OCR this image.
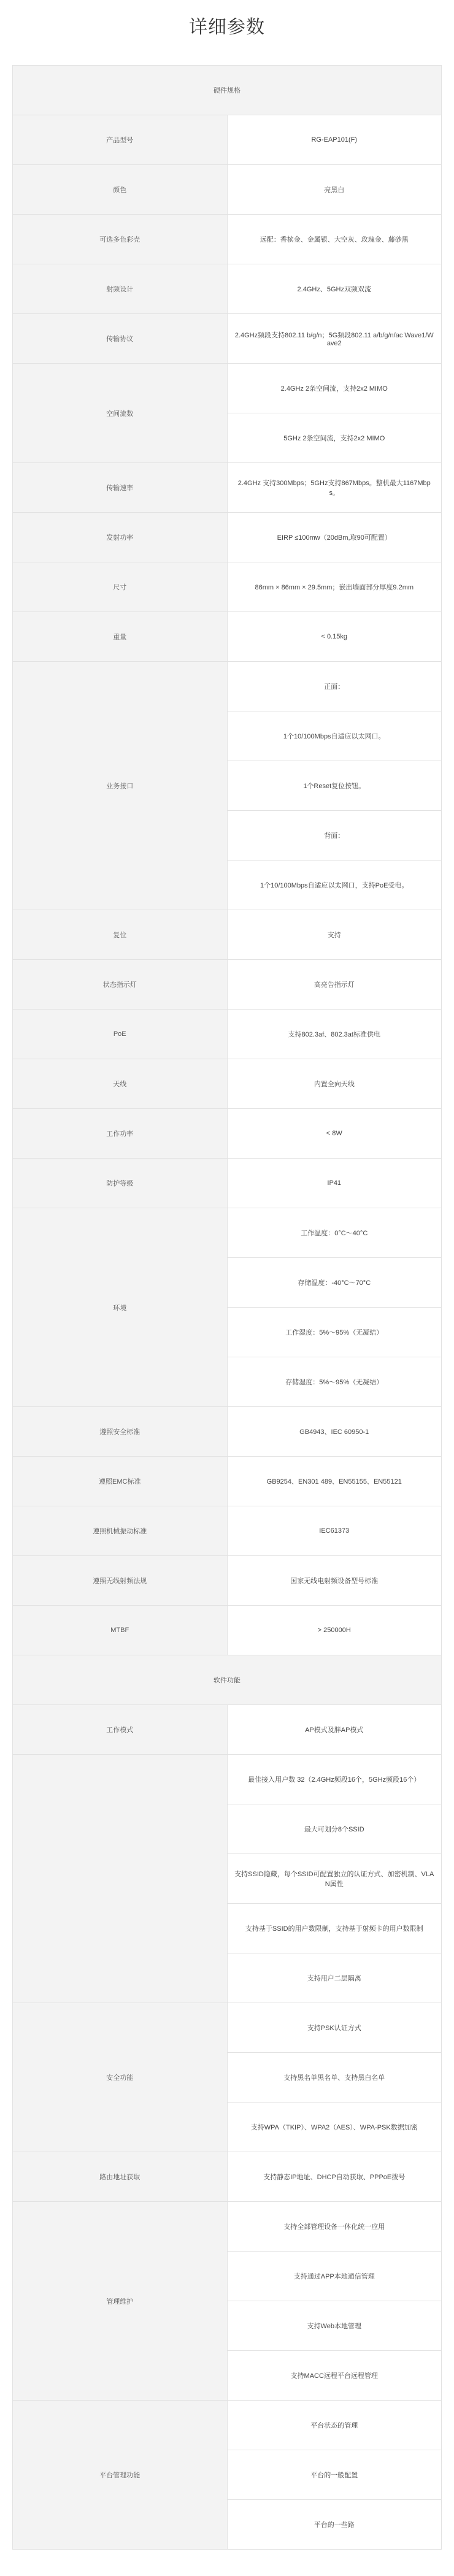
详细参数
硬件规格	
产品型号	RG-EAP101(F)
颜色	亮黑白
可选多色彩壳	远配：香槟金、金属银、大空灰、玫瑰金、藤砂黑
射频设计	2.4GHz、5GHz双频双流
传输协议	2.4GHz频段支持802.11 b/g/n；5G频段802.11 a/b/g/n/ac Wave1/Wave2
空间流数	2.4GHz 2条空间流，支持2x2 MIMO
	5GHz 2条空间流，支持2x2 MIMO
传输速率	2.4GHz 支持300Mbps；5GHz支持867Mbps。整机最大1167Mbps。
发射功率	EIRP ≤100mw（20dBm,取90可配置）
尺寸	86mm × 86mm × 29.5mm；嵌出墙面部分厚度9.2mm
重量	< 0.15kg
业务接口	正面：
	1个10/100Mbps自适应以太网口。
	1个Reset复位按钮。
	背面：
	1个10/100Mbps自适应以太网口，支持PoE受电。
复位	支持
状态指示灯	高亮告指示灯
PoE	支持802.3af、802.3at标准供电
天线	内置全向天线
工作功率	< 8W
防护等级	IP41
环境	工作温度：0°C～40°C
	存储温度：-40°C～70°C
	工作湿度：5%～95%（无凝结）
	存储湿度：5%～95%（无凝结）
遵照安全标准	GB4943、IEC 60950-1
遵照EMC标准	GB9254、EN301 489、EN55155、EN55121
遵照机械振动标准	IEC61373
遵照无线射频法规	国家无线电射频设备型号标准
MTBF	> 250000H
软件功能	
工作模式	AP模式及胖AP模式
	最佳接入用户数 32（2.4GHz频段16个，5GHz频段16个）
	最大可划分8个SSID
	支持SSID隐藏，每个SSID可配置独立的认证方式、加密机制、VLAN属性
	支持基于SSID的用户数限制，支持基于射频卡的用户数限制
	支持用户二层隔离
安全功能	支持PSK认证方式
	支持黑名单黑名单、支持黑白名单
	支持WPA（TKIP）、WPA2（AES）、WPA-PSK数据加密
路由地址获取	支持静态IP地址、DHCP自动获取、PPPoE拨号
管理维护	支持全部管理设备一体化统一应用
	支持通过APP本地通信管理
	支持Web本地管理
	支持MACC远程平台远程管理
平台管理功能	平台状态的管理
	平台的一般配置
	平台的一些路
